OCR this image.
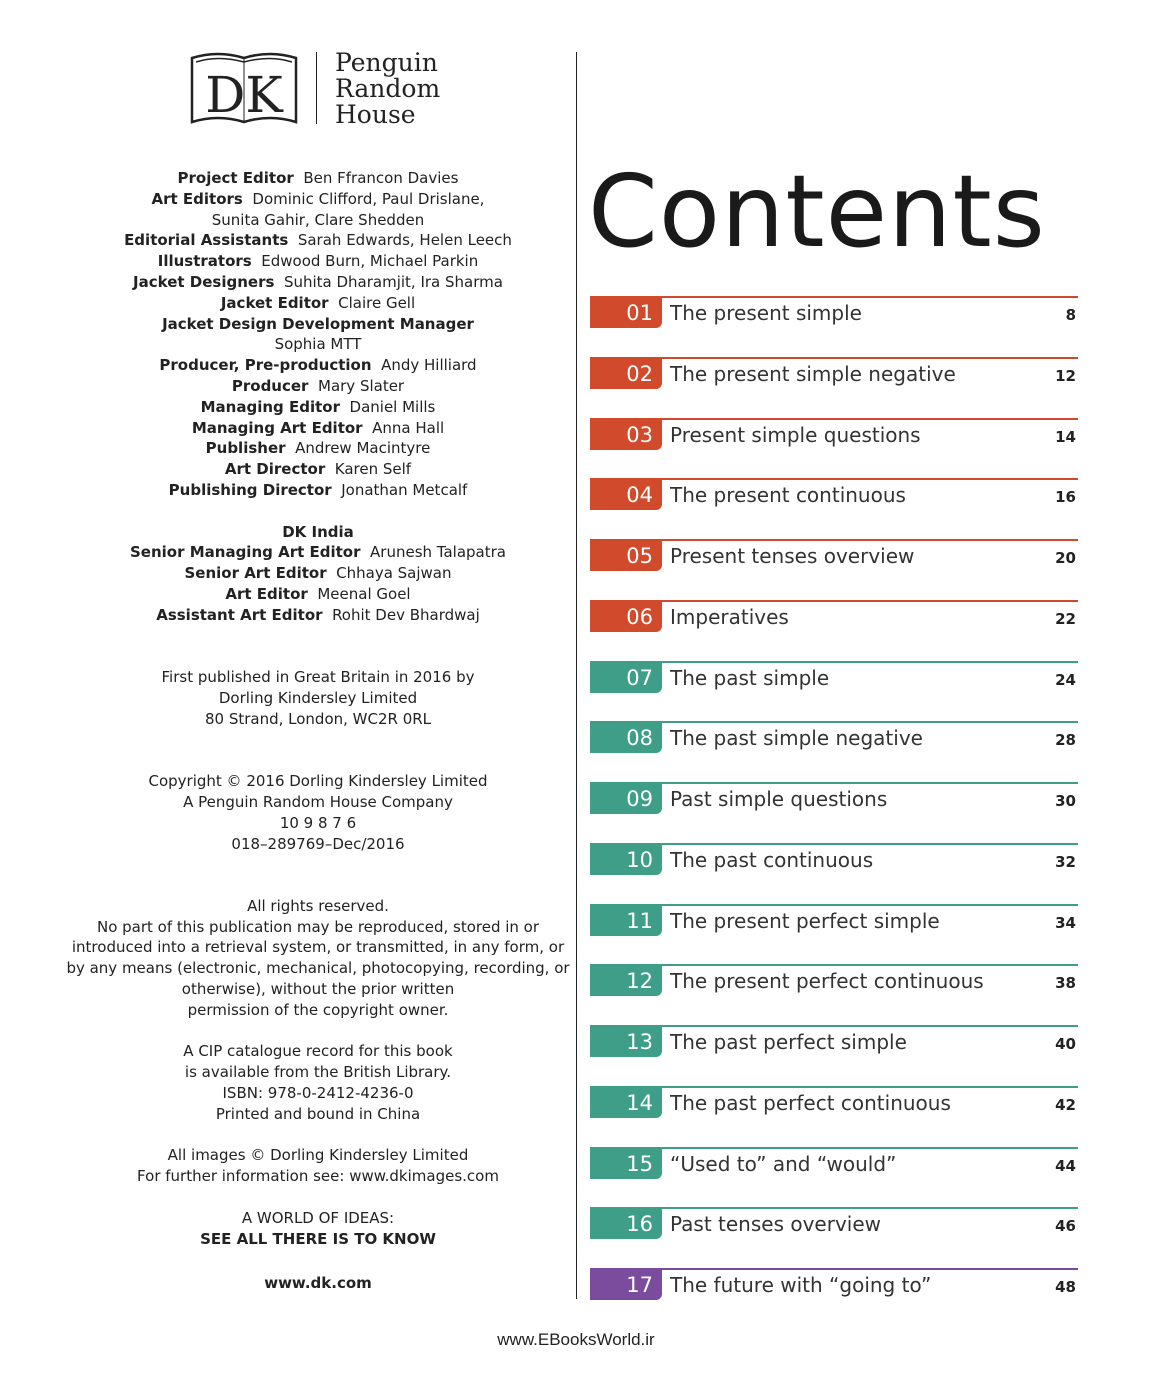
DK
Penguin
Random
House
Project Editor Ben Ffrancon Davies
Art Editors Dominic Clifford, Paul Drislane,
Sunita Gahir, Clare Shedden
Editorial Assistants Sarah Edwards, Helen Leech
Illustrators Edwood Burn, Michael Parkin
Jacket Designers Suhita Dharamjit, Ira Sharma
Jacket Editor Claire Gell
Jacket Design Development Manager
Sophia MTT
Producer, Pre-production Andy Hilliard
Producer Mary Slater
Managing Editor Daniel Mills
Managing Art Editor Anna Hall
Publisher Andrew Macintyre
Art Director Karen Self
Publishing Director Jonathan Metcalf
DK India
Senior Managing Art Editor Arunesh Talapatra
Senior Art Editor Chhaya Sajwan
Art Editor Meenal Goel
Assistant Art Editor Rohit Dev Bhardwaj
First published in Great Britain in 2016 by
Dorling Kindersley Limited
80 Strand, London, WC2R 0RL
Copyright © 2016 Dorling Kindersley Limited
A Penguin Random House Company
10 9 8 7 6
018–289769–Dec/2016
All rights reserved.
No part of this publication may be reproduced, stored in or
introduced into a retrieval system, or transmitted, in any form, or
by any means (electronic, mechanical, photocopying, recording, or
otherwise), without the prior written
permission of the copyright owner.
A CIP catalogue record for this book
is available from the British Library.
ISBN: 978-0-2412-4236-0
Printed and bound in China
All images © Dorling Kindersley Limited
For further information see: www.dkimages.com
A WORLD OF IDEAS:
SEE ALL THERE IS TO KNOW
www.dk.com
Contents
01 The present simple	8
02 The present simple negative	12
03 Present simple questions	14
04 The present continuous	16
05 Present tenses overview	20
06 Imperatives	22
07 The past simple	24
08 The past simple negative	28
09 Past simple questions	30
10 The past continuous	32
11 The present perfect simple	34
12 The present perfect continuous	38
13 The past perfect simple	40
14 The past perfect continuous	42
15 “Used to” and “would”	44
16 Past tenses overview	46
17 The future with “going to”	48
www.EBooksWorld.ir
